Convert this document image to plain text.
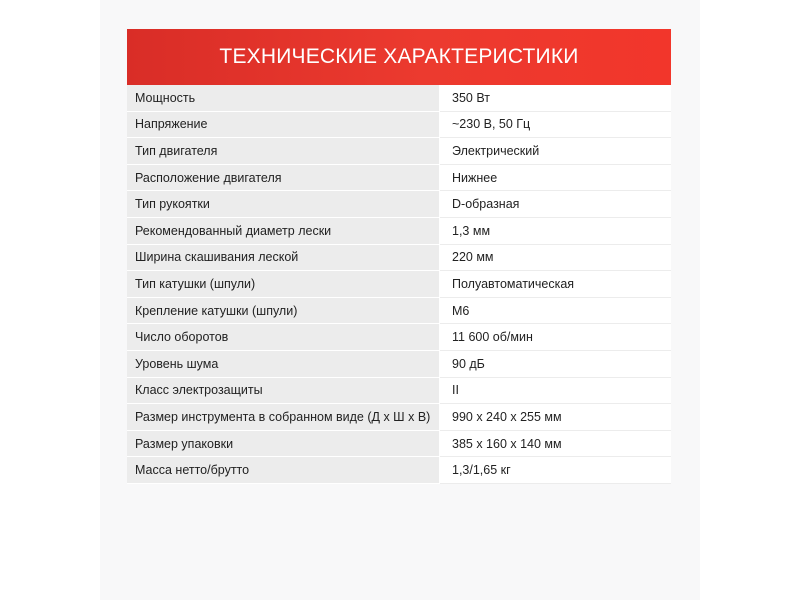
ТЕХНИЧЕСКИЕ ХАРАКТЕРИСТИКИ
Мощность	350 Вт
Напряжение	~230 В, 50 Гц
Тип двигателя	Электрический
Расположение двигателя	Нижнее
Тип рукоятки	D-образная
Рекомендованный диаметр лески	1,3 мм
Ширина скашивания леской	220 мм
Тип катушки (шпули)	Полуавтоматическая
Крепление катушки (шпули)	М6
Число оборотов	11 600 об/мин
Уровень шума	90 дБ
Класс электрозащиты	II
Размер инструмента в собранном виде (Д х Ш х В)	990 х 240 х 255 мм
Размер упаковки	385 х 160 х 140 мм
Масса нетто/брутто	1,3/1,65 кг
